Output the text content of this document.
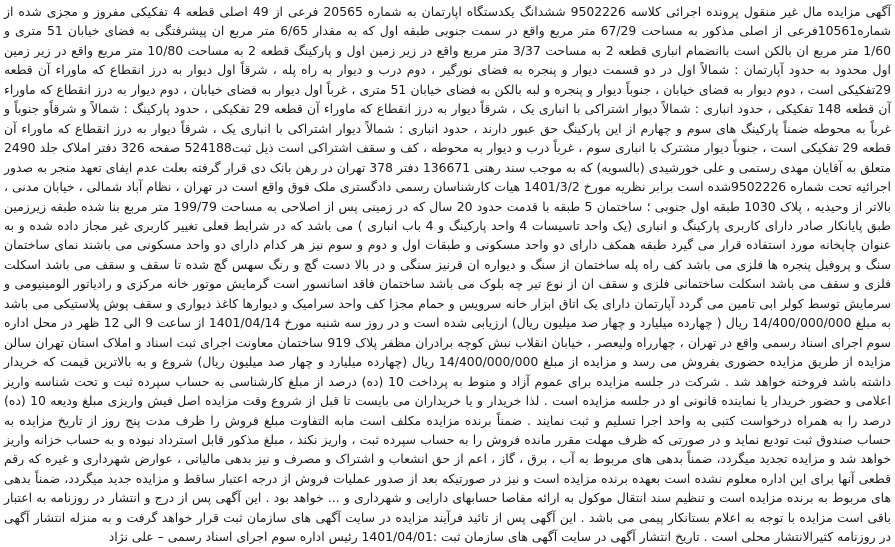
آگهی مزایده مال غیر منقول پرونده اجرائی کلاسه 9502226 ششدانگ یکدستگاه اپارتمان به شماره 20565 فرعی از 49 اصلی قطعه 4 تفکیکی مفروز و مجزی شده از شماره10561فرعی از اصلی مذکور به مساحت 67/29 متر مربع واقع در سمت جنوبی طبقه اول که به مقدار 6/65 متر مربع ان پیشرفتگی به فضای خیابان 51 متری و 1/60 متر مربع ان بالکن است باانضمام انباری قطعه 2 به مساحت 3/37 متر مربع واقع در زیر زمین اول و پارکینگ قطعه 2 به مساحت 10/80 متر مربع واقع در زیر زمین اول محدود به حدود آپارتمان : شمالاً اول در دو قسمت دیوار و پنجره به فضای نورگیر ، دوم درب و دیوار به راه پله ، شرقاً اول دیوار به درز انقطاع که ماوراء آن قطعه 29تفکیکی است ، دوم دیوار به فضای خیابان ، جنوباً دیوار و پنجره و لبه بالکن به فضای خیابان 51 متری ، غرباً اول دیوار به فضای خیابان ، دوم دیوار به درز انقطاع که ماوراء آن قطعه 148 تفکیکی ، حدود انباری : شمالاً دیوار اشتراکی با انباری یک ، شرقاً دیوار به درز انقطاع که ماوراء آن قطعه 29 تفکیکی ، حدود پارکینگ : شمالاً و شرقاًو جنوباً و غرباً به محوطه ضمناً پارکینگ های سوم و چهارم از این پارکینگ حق عبور دارند ، حدود انباری : شمالاً دیوار اشتراکی با انباری یک ، شرقاً دیوار به درز انقطاع که ماوراء آن قطعه 29 تفکیکی است ، جنوباً دیوار مشترک با انباری سوم ، غرباً درب و دیوار به محوطه ، کف و سقف اشتراکی است ذیل ثبت524188 صفحه 326 دفتر املاک جلد 2490 متعلق به آقایان مهدی رستمی و علی خورشیدی (بالسویه) که به موجب سند رهنی 136671 دفتر 378 تهران در رهن بانک دی قرار گرفته بعلت عدم ایفای تعهد منجر به صدور اجرائیه تحت شماره 9502226شده است برابر نظریه مورخ 1401/3/2 هیات کارشناسان رسمی دادگستری ملک فوق واقع است در تهران ، نظام آباد شمالی ، خیابان مدنی ، بالاتر از وحیدیه ، پلاک 1030 طبقه اول جنوبی ؛ ساختمان 5 طبقه با قدمت حدود 20 سال که در زمینی پس از اصلاحی به مساحت 199/79 متر مربع بنا شده طبقه زیرزمین طبق پایانکار صادر دارای کاربری پارکینگ و انباری (یک واحد تاسیسات 4 واحد پارکینگ و 4 باب انباری ) می باشد که در شرایط فعلی تغییر کاربری غیر مجاز داده شده و به عنوان چاپخانه مورد استفاده قرار می گیرد طبقه همکف دارای دو واحد مسکونی و طبقات اول و دوم و سوم نیز هر کدام دارای دو واحد مسکونی می باشند نمای ساختمان سنگ و پروفیل پنجره ها فلزی می باشد کف راه پله ساختمان از سنگ و دیواره ان قرنیز سنگی و در بالا دست گچ و رنگ سهس گچ شده تا سقف و سقف می باشد اسکلت فلزی و سقف می باشد اسکلت ساختمانی فلزی و سقف ان از نوع تیر چه بلوک می باشد ساختمان فاقد اسانسور است گرمایش موتور خانه مرکزی و رادیاتور الومینیومی و سرمایش توسط کولر ابی تامین می گردد آپارتمان دارای یک اتاق ابزار خانه سرویس و حمام مجزا کف واحد سرامیک و دیوارها کاغذ دیواری و سقف پوش پلاستیکی می باشد به مبلغ 14/400/000/000 ریال ( چهارده میلیارد و چهار صد میلیون ریال) ارزیابی شده است و در روز سه شنبه مورخ 1401/04/14 از ساعت 9 الی 12 ظهر در محل اداره سوم اجرای اسناد رسمی واقع در تهران ، چهارراه ولیعصر ، خیابان انقلاب نبش کوچه برادران مظفر پلاک 919 ساختمان معاونت اجرای ثبت اسناد و املاک استان تهران سالن مزایده از طریق مزایده حضوری بفروش می رسد و مزایده از مبلغ 14/400/000/000 ریال (چهارده میلیارد و چهار صد میلیون ریال) شروع و به بالاترین قیمت که خریدار داشته باشد فروخته خواهد شد . شرکت در جلسه مزایده برای عموم آزاد و منوط به پرداخت 10 (ده) درصد از مبلغ کارشناسی به حساب سپرده ثبت و تحت شناسه واریز اعلامی و حضور خریدار یا نماینده قانونی او در جلسه مزایده است . لذا خریدار و یا خریداران می بایست تا قبل از شروع وقت مزایده اصل فیش واریزی مبلغ ودیعه 10 (ده) درصد را به همراه درخواست کتبی به واحد اجرا تسلیم و ثبت نمایند . ضمناً برنده مزایده مکلف است مابه التفاوت مبلغ فروش را ظرف مدت پنج روز از تاریخ مزایده به حساب صندوق ثبت تودیع نماید و در صورتی که ظرف مهلت مقرر مانده فروش را به حساب سپرده ثبت ، واریز نکند ، مبلغ مذکور قابل استرداد نبوده و به حساب خزانه واریز خواهد شد و مزایده تجدید میگردد، ضمناً بدهی های مربوط به آب ، برق ، گاز ، اعم از حق انشعاب و اشتراک و مصرف و نیز بدهی مالیاتی ، عوارض شهرداری و غیره که رقم قطعی آنها برای این اداره معلوم نشده است بعهده برنده مزایده است و نیز در صورتیکه بعد از صدور عملیات فروش از درجه اعتبار ساقط و مزایده جدید میگردد، ضمناً بدهی های مربوط به برنده مزایده است و تنظیم سند انتقال موکول به ارائه مفاصا حسابهای دارایی و شهرداری و ... خواهد بود . این آگهی پس از درج و انتشار در روزنامه به اعتبار باقی است مزایده با توجه به اعلام بستانکار پیمی می باشد . این آگهی پس از تائید فرآیند مزایده در سایت آگهی های سازمان ثبت قرار خواهد گرفت و به منزله انتشار آگهی در روزنامه کثیرالانتشار محلی است . تاریخ انتشار آگهی در سایت آگهی های سازمان ثبت :1401/04/01 رئیس اداره سوم اجرای اسناد رسمی – علی نژاد
